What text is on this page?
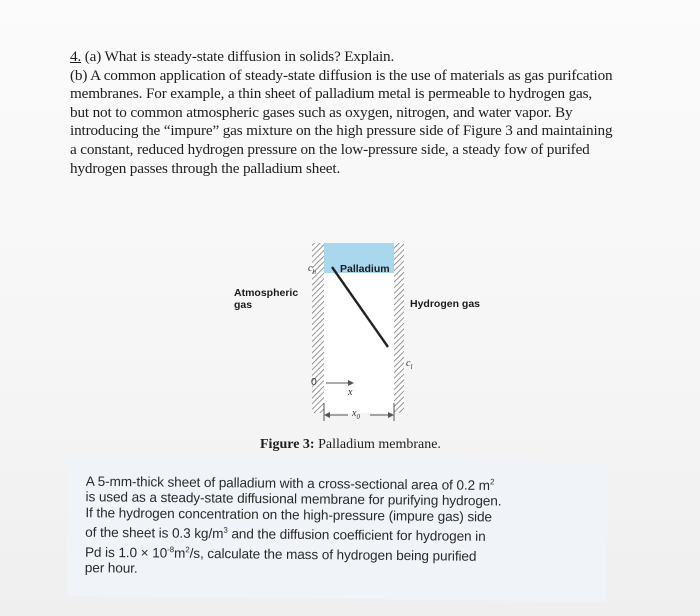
4. (a) What is steady-state diffusion in solids? Explain.

(b) A common application of steady-state diffusion is the use of materials as gas purifcation

membranes. For example, a thin sheet of palladium metal is permeable to hydrogen gas,

but not to common atmospheric gases such as oxygen, nitrogen, and water vapor. By

introducing the “impure” gas mixture on the high pressure side of Figure 3 and maintaining

a constant, reduced hydrogen pressure on the low-pressure side, a steady fow of purifed

hydrogen passes through the palladium sheet.

Palladium
Atmospheric
gas	Hydrogen gas
$c_h$
$c_l$
0
x
$x_0$
Figure 3: Palladium membrane.

A 5-mm-thick sheet of palladium with a cross-sectional area of 0.2 $m^2$

is used as a steady-state diffusional membrane for purifying hydrogen.

If the hydrogen concentration on the high-pressure (impure gas) side

of the sheet is 0.3 $kg/m^3$ and the diffusion coefficient for hydrogen in

Pd is $1.0 \times 10^{-8}m^2/s$, calculate the mass of hydrogen being purified

per hour.
